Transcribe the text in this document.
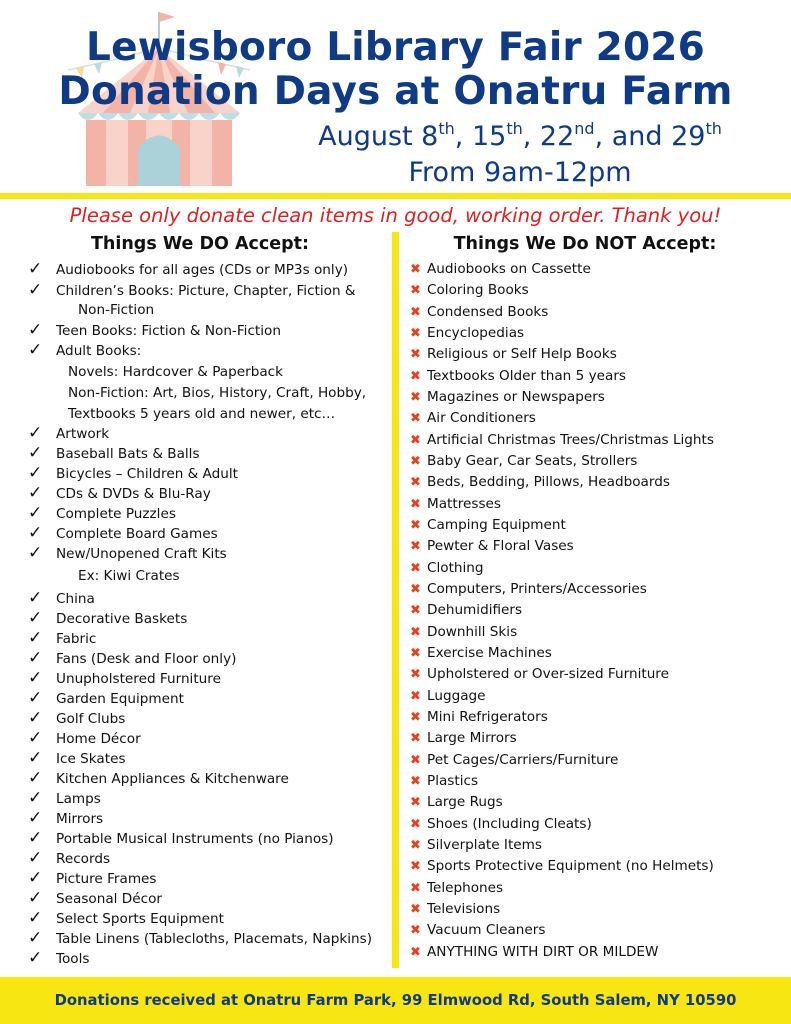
Lewisboro Library Fair 2026
Donation Days at Onatru Farm
August 8th, 15th, 22nd, and 29th
From 9am-12pm
Please only donate clean items in good, working order. Thank you!
Things We DO Accept:	Things We Do NOT Accept:
✓ Audiobooks for all ages (CDs or MP3s only)
✓ Children’s Books: Picture, Chapter, Fiction &
Non-Fiction
✓ Teen Books: Fiction & Non-Fiction
✓ Adult Books:
Novels: Hardcover & Paperback
Non-Fiction: Art, Bios, History, Craft, Hobby,
Textbooks 5 years old and newer, etc…
✓ Artwork
✓ Baseball Bats & Balls
✓ Bicycles – Children & Adult
✓ CDs & DVDs & Blu-Ray
✓ Complete Puzzles
✓ Complete Board Games
✓ New/Unopened Craft Kits
Ex: Kiwi Crates
✓ China
✓ Decorative Baskets
✓ Fabric
✓ Fans (Desk and Floor only)
✓ Unupholstered Furniture
✓ Garden Equipment
✓ Golf Clubs
✓ Home Décor
✓ Ice Skates
✓ Kitchen Appliances & Kitchenware
✓ Lamps
✓ Mirrors
✓ Portable Musical Instruments (no Pianos)
✓ Records
✓ Picture Frames
✓ Seasonal Décor
✓ Select Sports Equipment
✓ Table Linens (Tablecloths, Placemats, Napkins)
✓ Tools
✖ Audiobooks on Cassette
✖ Coloring Books
✖ Condensed Books
✖ Encyclopedias
✖ Religious or Self Help Books
✖ Textbooks Older than 5 years
✖ Magazines or Newspapers
✖ Air Conditioners
✖ Artificial Christmas Trees/Christmas Lights
✖ Baby Gear, Car Seats, Strollers
✖ Beds, Bedding, Pillows, Headboards
✖ Mattresses
✖ Camping Equipment
✖ Pewter & Floral Vases
✖ Clothing
✖ Computers, Printers/Accessories
✖ Dehumidifiers
✖ Downhill Skis
✖ Exercise Machines
✖ Upholstered or Over-sized Furniture
✖ Luggage
✖ Mini Refrigerators
✖ Large Mirrors
✖ Pet Cages/Carriers/Furniture
✖ Plastics
✖ Large Rugs
✖ Shoes (Including Cleats)
✖ Silverplate Items
✖ Sports Protective Equipment (no Helmets)
✖ Telephones
✖ Televisions
✖ Vacuum Cleaners
✖ ANYTHING WITH DIRT OR MILDEW
Donations received at Onatru Farm Park, 99 Elmwood Rd, South Salem, NY 10590
